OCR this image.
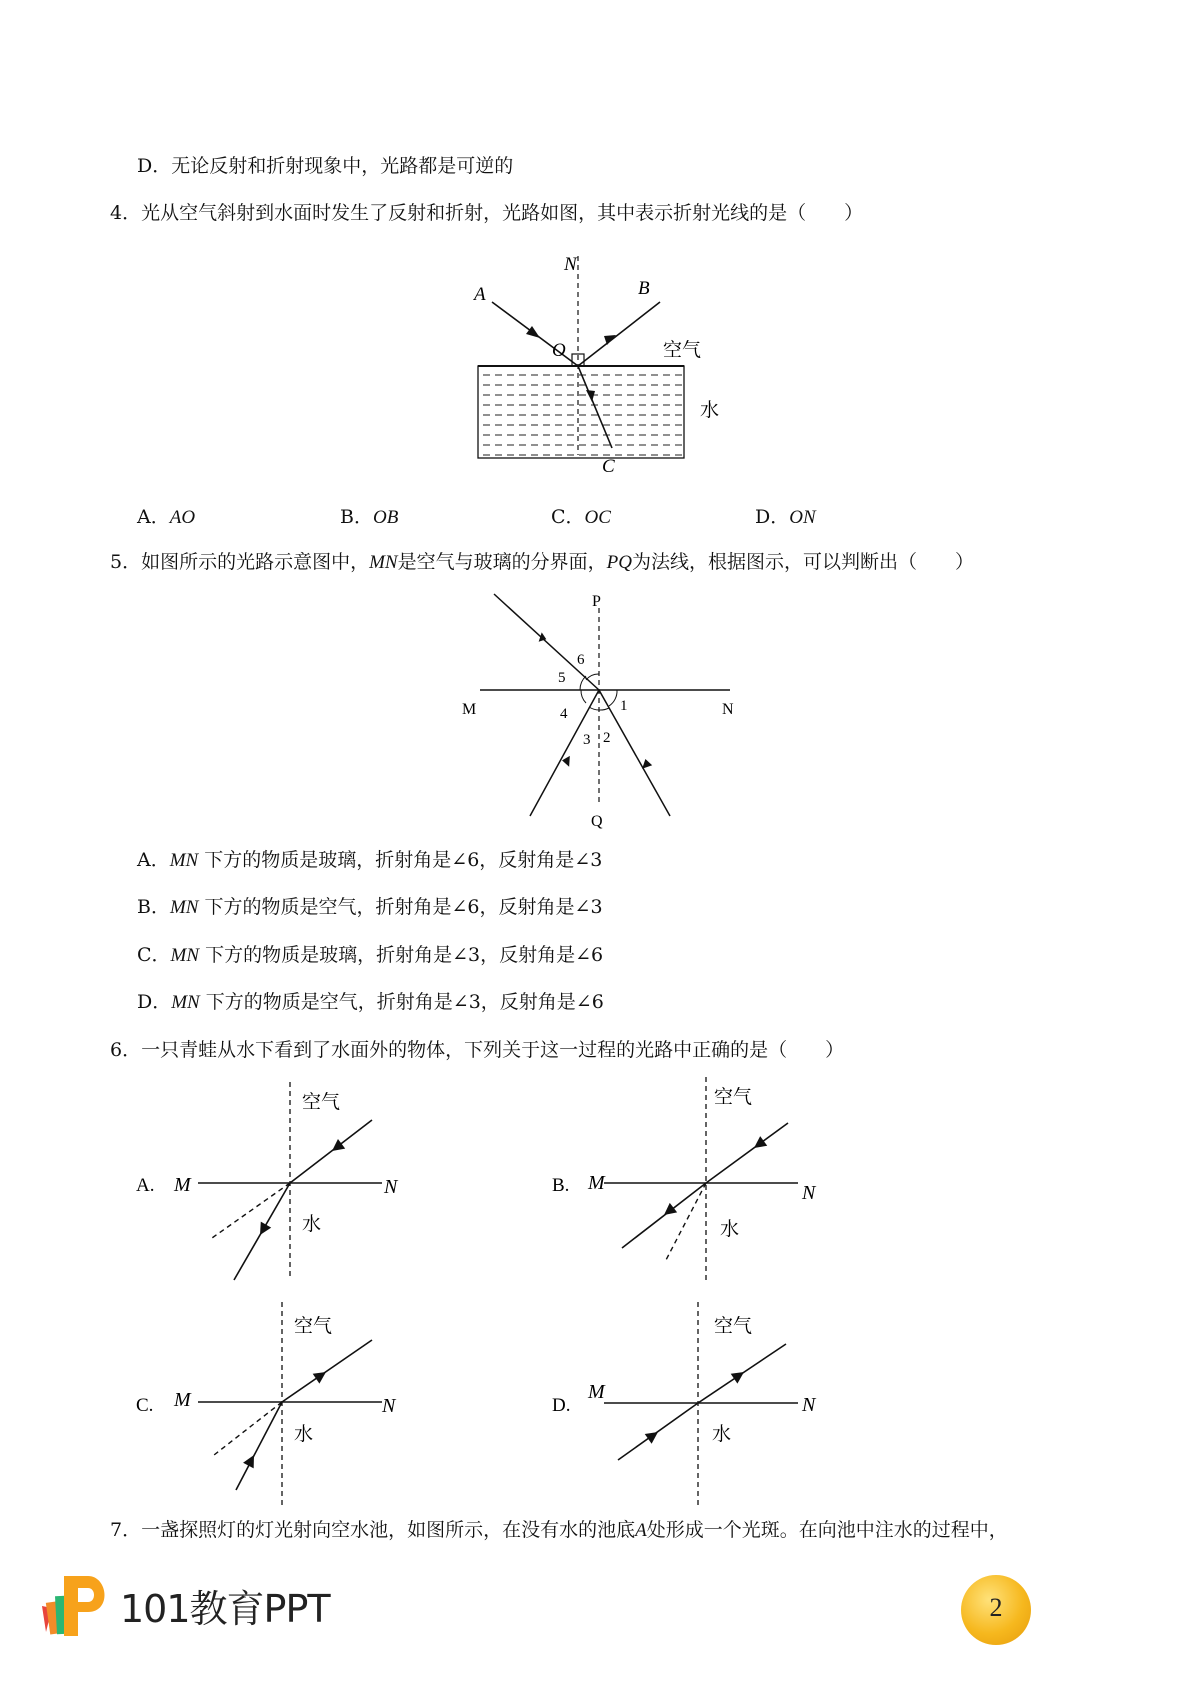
D．无论反射和折射现象中，光路都是可逆的
4．光从空气斜射到水面时发生了反射和折射，光路如图，其中表示折射光线的是（　　）
N
A	B
O
C
空气
水
A．AO	B．OB	C．OC	D．ON
5．如图所示的光路示意图中，MN是空气与玻璃的分界面，PQ为法线，根据图示，可以判断出（　　）
P
Q
M	N
1
2
3
4
5
6
A．MN 下方的物质是玻璃，折射角是∠6，反射角是∠3
B．MN 下方的物质是空气，折射角是∠6，反射角是∠3
C．MN 下方的物质是玻璃，折射角是∠3，反射角是∠6
D．MN 下方的物质是空气，折射角是∠3，反射角是∠6
6．一只青蛙从水下看到了水面外的物体，下列关于这一过程的光路中正确的是（　　）
A. M	N
空气
水
B. M	N
空气
水
C. M	N
空气
水
D.
M
N
空气
水
7．一盏探照灯的灯光射向空水池，如图所示，在没有水的池底A处形成一个光斑。在向池中注水的过程中，
101教育PPT	2
